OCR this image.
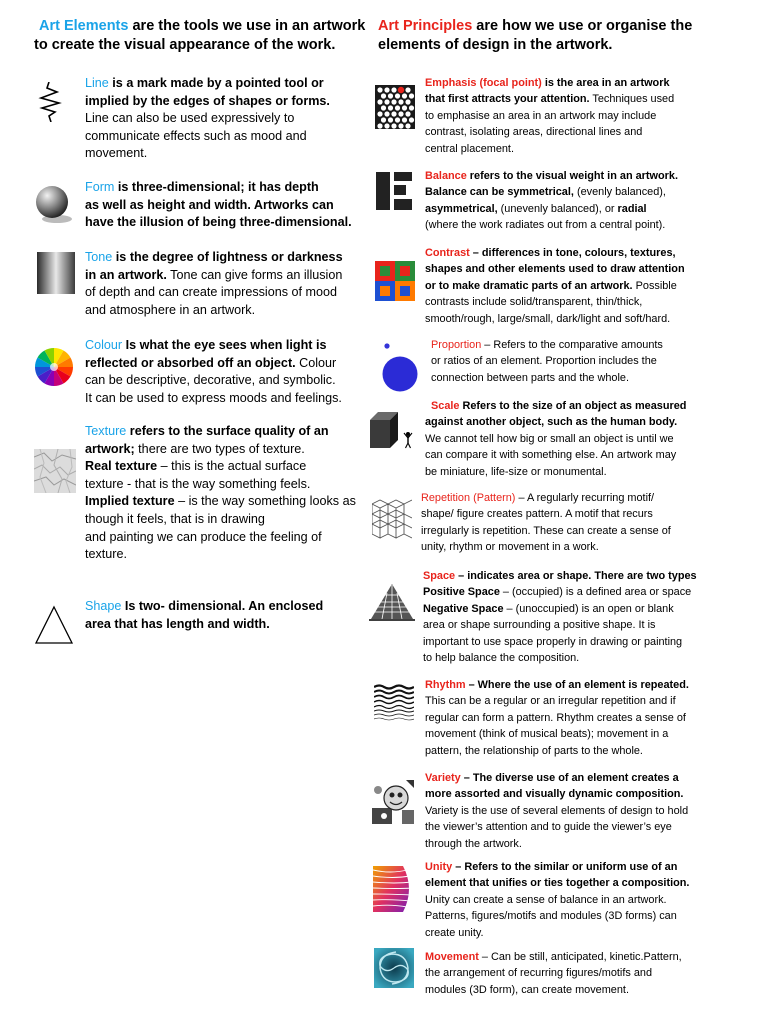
Art Elements are the tools we use in an artwork
to create the visual appearance of the work.
Art Principles are how we use or organise the
elements of design in the artwork.
Line is a mark made by a pointed tool or
implied by the edges of shapes or forms.
Line can also be used expressively to
communicate effects such as mood and
movement.
Form is three-dimensional; it has depth
as well as height and width. Artworks can
have the illusion of being three-dimensional.
Tone is the degree of lightness or darkness
in an artwork. Tone can give forms an illusion
of depth and can create impressions of mood
and atmosphere in an artwork.
Colour Is what the eye sees when light is
reflected or absorbed off an object. Colour
can be descriptive, decorative, and symbolic.
It can be used to express moods and feelings.
Texture refers to the surface quality of an
artwork; there are two types of texture.
Real texture – this is the actual surface
texture - that is the way something feels.
Implied texture – is the way something looks as
though it feels, that is in drawing
and painting we can produce the feeling of
texture.
Shape Is two- dimensional. An enclosed
area that has length and width.
Emphasis (focal point) is the area in an artwork
that first attracts your attention. Techniques used
to emphasise an area in an artwork may include
contrast, isolating areas, directional lines and
central placement.
Balance refers to the visual weight in an artwork.
Balance can be symmetrical, (evenly balanced),
asymmetrical, (unevenly balanced), or radial
(where the work radiates out from a central point).
Contrast – differences in tone, colours, textures,
shapes and other elements used to draw attention
or to make dramatic parts of an artwork. Possible
contrasts include solid/transparent, thin/thick,
smooth/rough, large/small, dark/light and soft/hard.
Proportion – Refers to the comparative amounts
or ratios of an element. Proportion includes the
connection between parts and the whole.
Scale Refers to the size of an object as measured
against another object, such as the human body.
We cannot tell how big or small an object is until we
can compare it with something else. An artwork may
be miniature, life-size or monumental.
Repetition (Pattern) – A regularly recurring motif/
shape/ figure creates pattern. A motif that recurs
irregularly is repetition. These can create a sense of
unity, rhythm or movement in a work.
Space – indicates area or shape. There are two types
Positive Space – (occupied) is a defined area or space
Negative Space – (unoccupied) is an open or blank
area or shape surrounding a positive shape. It is
important to use space properly in drawing or painting
to help balance the composition.
Rhythm – Where the use of an element is repeated.
This can be a regular or an irregular repetition and if
regular can form a pattern. Rhythm creates a sense of
movement (think of musical beats); movement in a
pattern, the relationship of parts to the whole.
Variety – The diverse use of an element creates a
more assorted and visually dynamic composition.
Variety is the use of several elements of design to hold
the viewer’s attention and to guide the viewer’s eye
through the artwork.
Unity – Refers to the similar or uniform use of an
element that unifies or ties together a composition.
Unity can create a sense of balance in an artwork.
Patterns, figures/motifs and modules (3D forms) can
create unity.
Movement – Can be still, anticipated, kinetic.Pattern,
the arrangement of recurring figures/motifs and
modules (3D form), can create movement.
